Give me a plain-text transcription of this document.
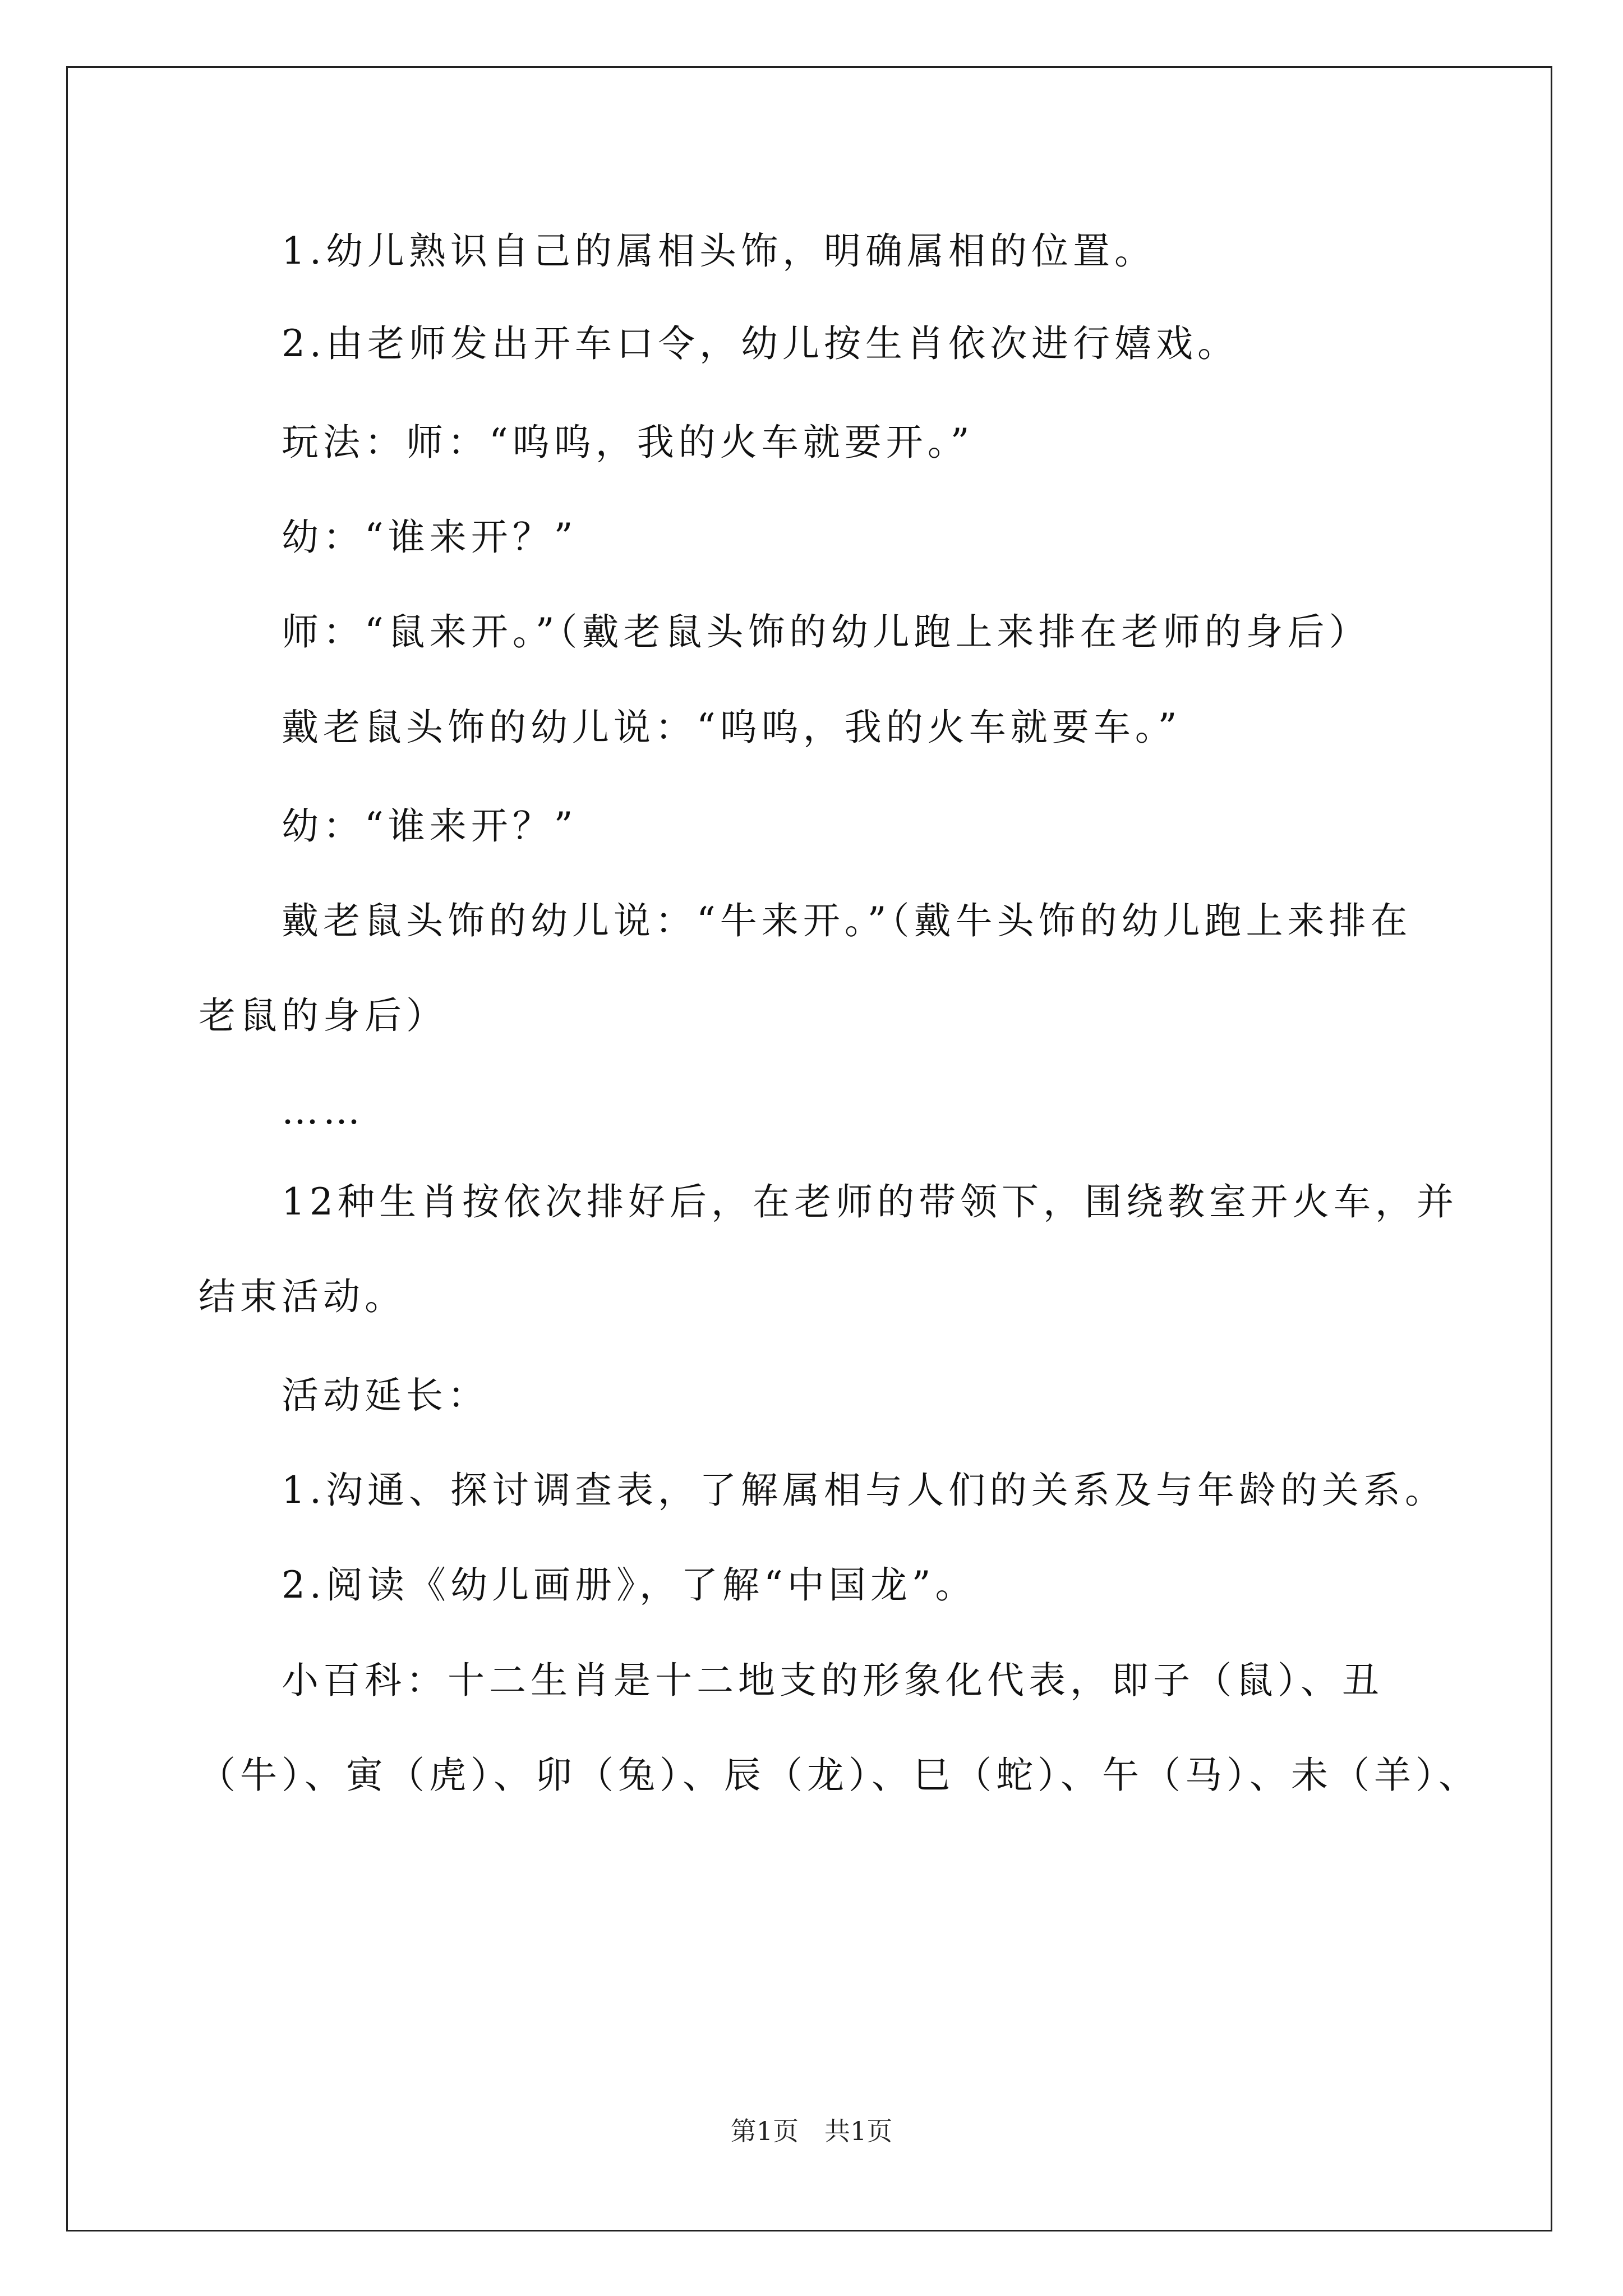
1.幼儿熟识自己的属相头饰，明确属相的位置。
2.由老师发出开车口令，幼儿按生肖依次进行嬉戏。
玩法：师：“呜呜，我的火车就要开。”
幼：“谁来开？”
师：“鼠来开。”（戴老鼠头饰的幼儿跑上来排在老师的身后）
戴老鼠头饰的幼儿说：“呜呜，我的火车就要车。”
幼：“谁来开？”
戴老鼠头饰的幼儿说：“牛来开。”（戴牛头饰的幼儿跑上来排在
老鼠的身后）
……
12种生肖按依次排好后，在老师的带领下，围绕教室开火车，并
结束活动。
活动延长：
1.沟通、探讨调查表，了解属相与人们的关系及与年龄的关系。
2.阅读《幼儿画册》，了解“中国龙”。
小百科：十二生肖是十二地支的形象化代表，即子（鼠）、丑
（牛）、寅（虎）、卯（兔）、辰（龙）、巳（蛇）、午（马）、未（羊）、
第1页　共1页
